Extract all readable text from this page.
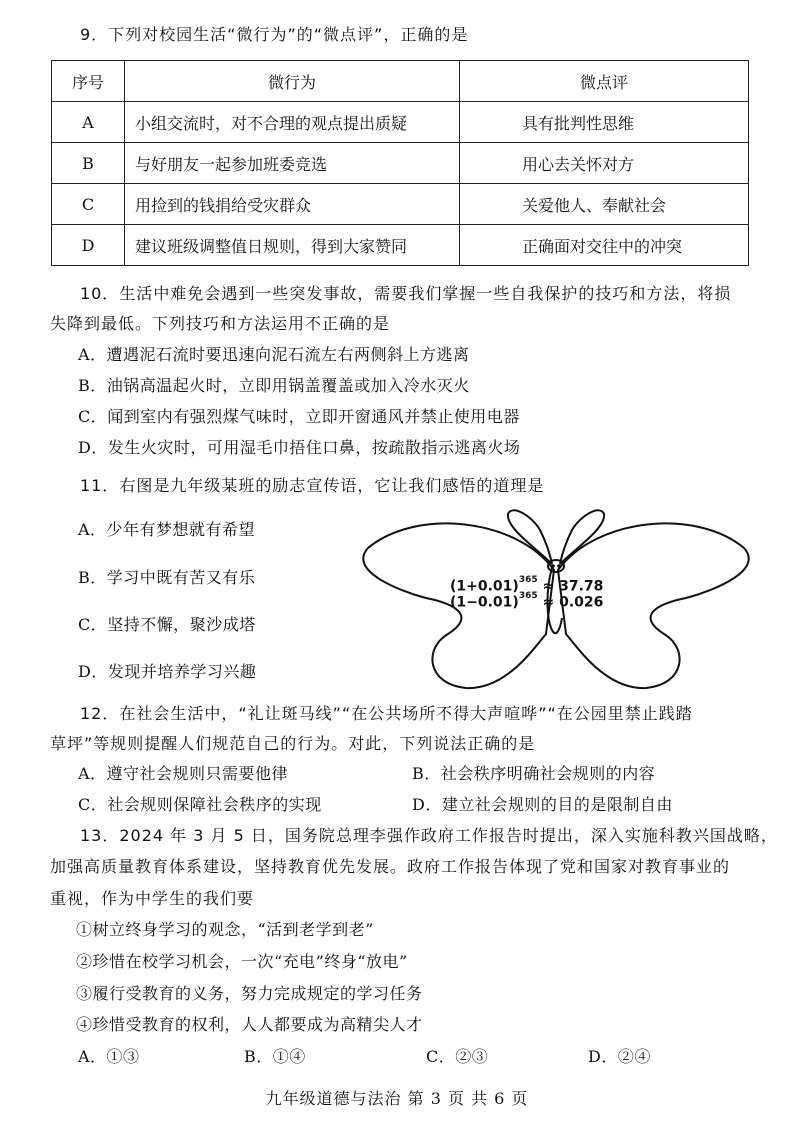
9．下列对校园生活“微行为”的“微点评”，正确的是
序号	微行为	微点评
A	小组交流时，对不合理的观点提出质疑	具有批判性思维
B	与好朋友一起参加班委竞选	用心去关怀对方
C	用捡到的钱捐给受灾群众	关爱他人、奉献社会
D	建议班级调整值日规则，得到大家赞同	正确面对交往中的冲突
10．生活中难免会遇到一些突发事故，需要我们掌握一些自我保护的技巧和方法，将损
失降到最低。下列技巧和方法运用不正确的是
A．遭遇泥石流时要迅速向泥石流左右两侧斜上方逃离
B．油锅高温起火时，立即用锅盖覆盖或加入冷水灭火
C．闻到室内有强烈煤气味时，立即开窗通风并禁止使用电器
D．发生火灾时，可用湿毛巾捂住口鼻，按疏散指示逃离火场
11．右图是九年级某班的励志宣传语，它让我们感悟的道理是
A．少年有梦想就有希望
B．学习中既有苦又有乐
C．坚持不懈，聚沙成塔
D．发现并培养学习兴趣
$(1+0.01)^{365} \approx 37.78$
$(1-0.01)^{365} \approx 0.026$
12．在社会生活中，“礼让斑马线”“在公共场所不得大声喧哗”“在公园里禁止践踏
草坪”等规则提醒人们规范自己的行为。对此，下列说法正确的是
A．遵守社会规则只需要他律	B．社会秩序明确社会规则的内容
C．社会规则保障社会秩序的实现	D．建立社会规则的目的是限制自由
13．2024 年 3 月 5 日，国务院总理李强作政府工作报告时提出，深入实施科教兴国战略，
加强高质量教育体系建设，坚持教育优先发展。政府工作报告体现了党和国家对教育事业的
重视，作为中学生的我们要
①树立终身学习的观念，“活到老学到老”
②珍惜在校学习机会，一次“充电”终身“放电”
③履行受教育的义务，努力完成规定的学习任务
④珍惜受教育的权利，人人都要成为高精尖人才
A．①③	B．①④	C．②③	D．②④
九年级道德与法治 第 3 页 共 6 页
